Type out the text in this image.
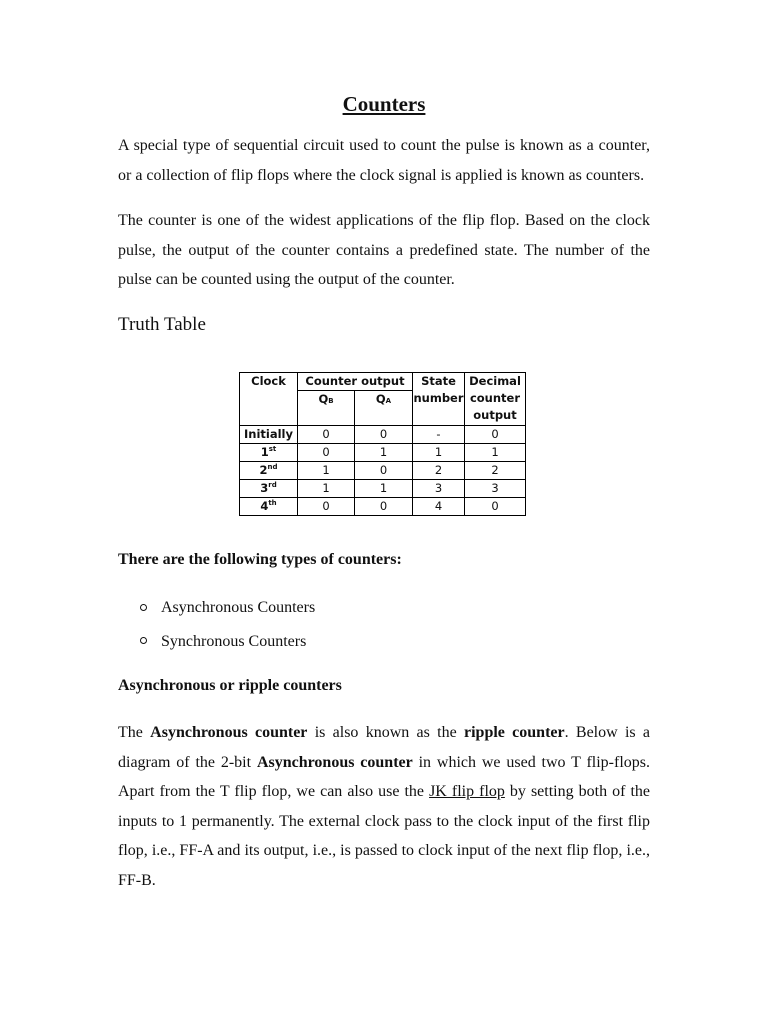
Counters

A special type of sequential circuit used to count the pulse is known as a counter, or a collection of flip flops where the clock signal is applied is known as counters.

The counter is one of the widest applications of the flip flop. Based on the clock pulse, the output of the counter contains a predefined state. The number of the pulse can be counted using the output of the counter.

Truth Table
Clock	Counter output		State number	Decimal counter output
	QB	QA		
Initially	0	0	-	0
1st	0	1	1	1
2nd	1	0	2	2
3rd	1	1	3	3
4th	0	0	4	0
There are the following types of counters:
Asynchronous Counters
Synchronous Counters
Asynchronous or ripple counters

The Asynchronous counter is also known as the ripple counter. Below is a diagram of the 2-bit Asynchronous counter in which we used two T flip-flops. Apart from the T flip flop, we can also use the JK flip flop by setting both of the inputs to 1 permanently. The external clock pass to the clock input of the first flip flop, i.e., FF-A and its output, i.e., is passed to clock input of the next flip flop, i.e., FF-B.
